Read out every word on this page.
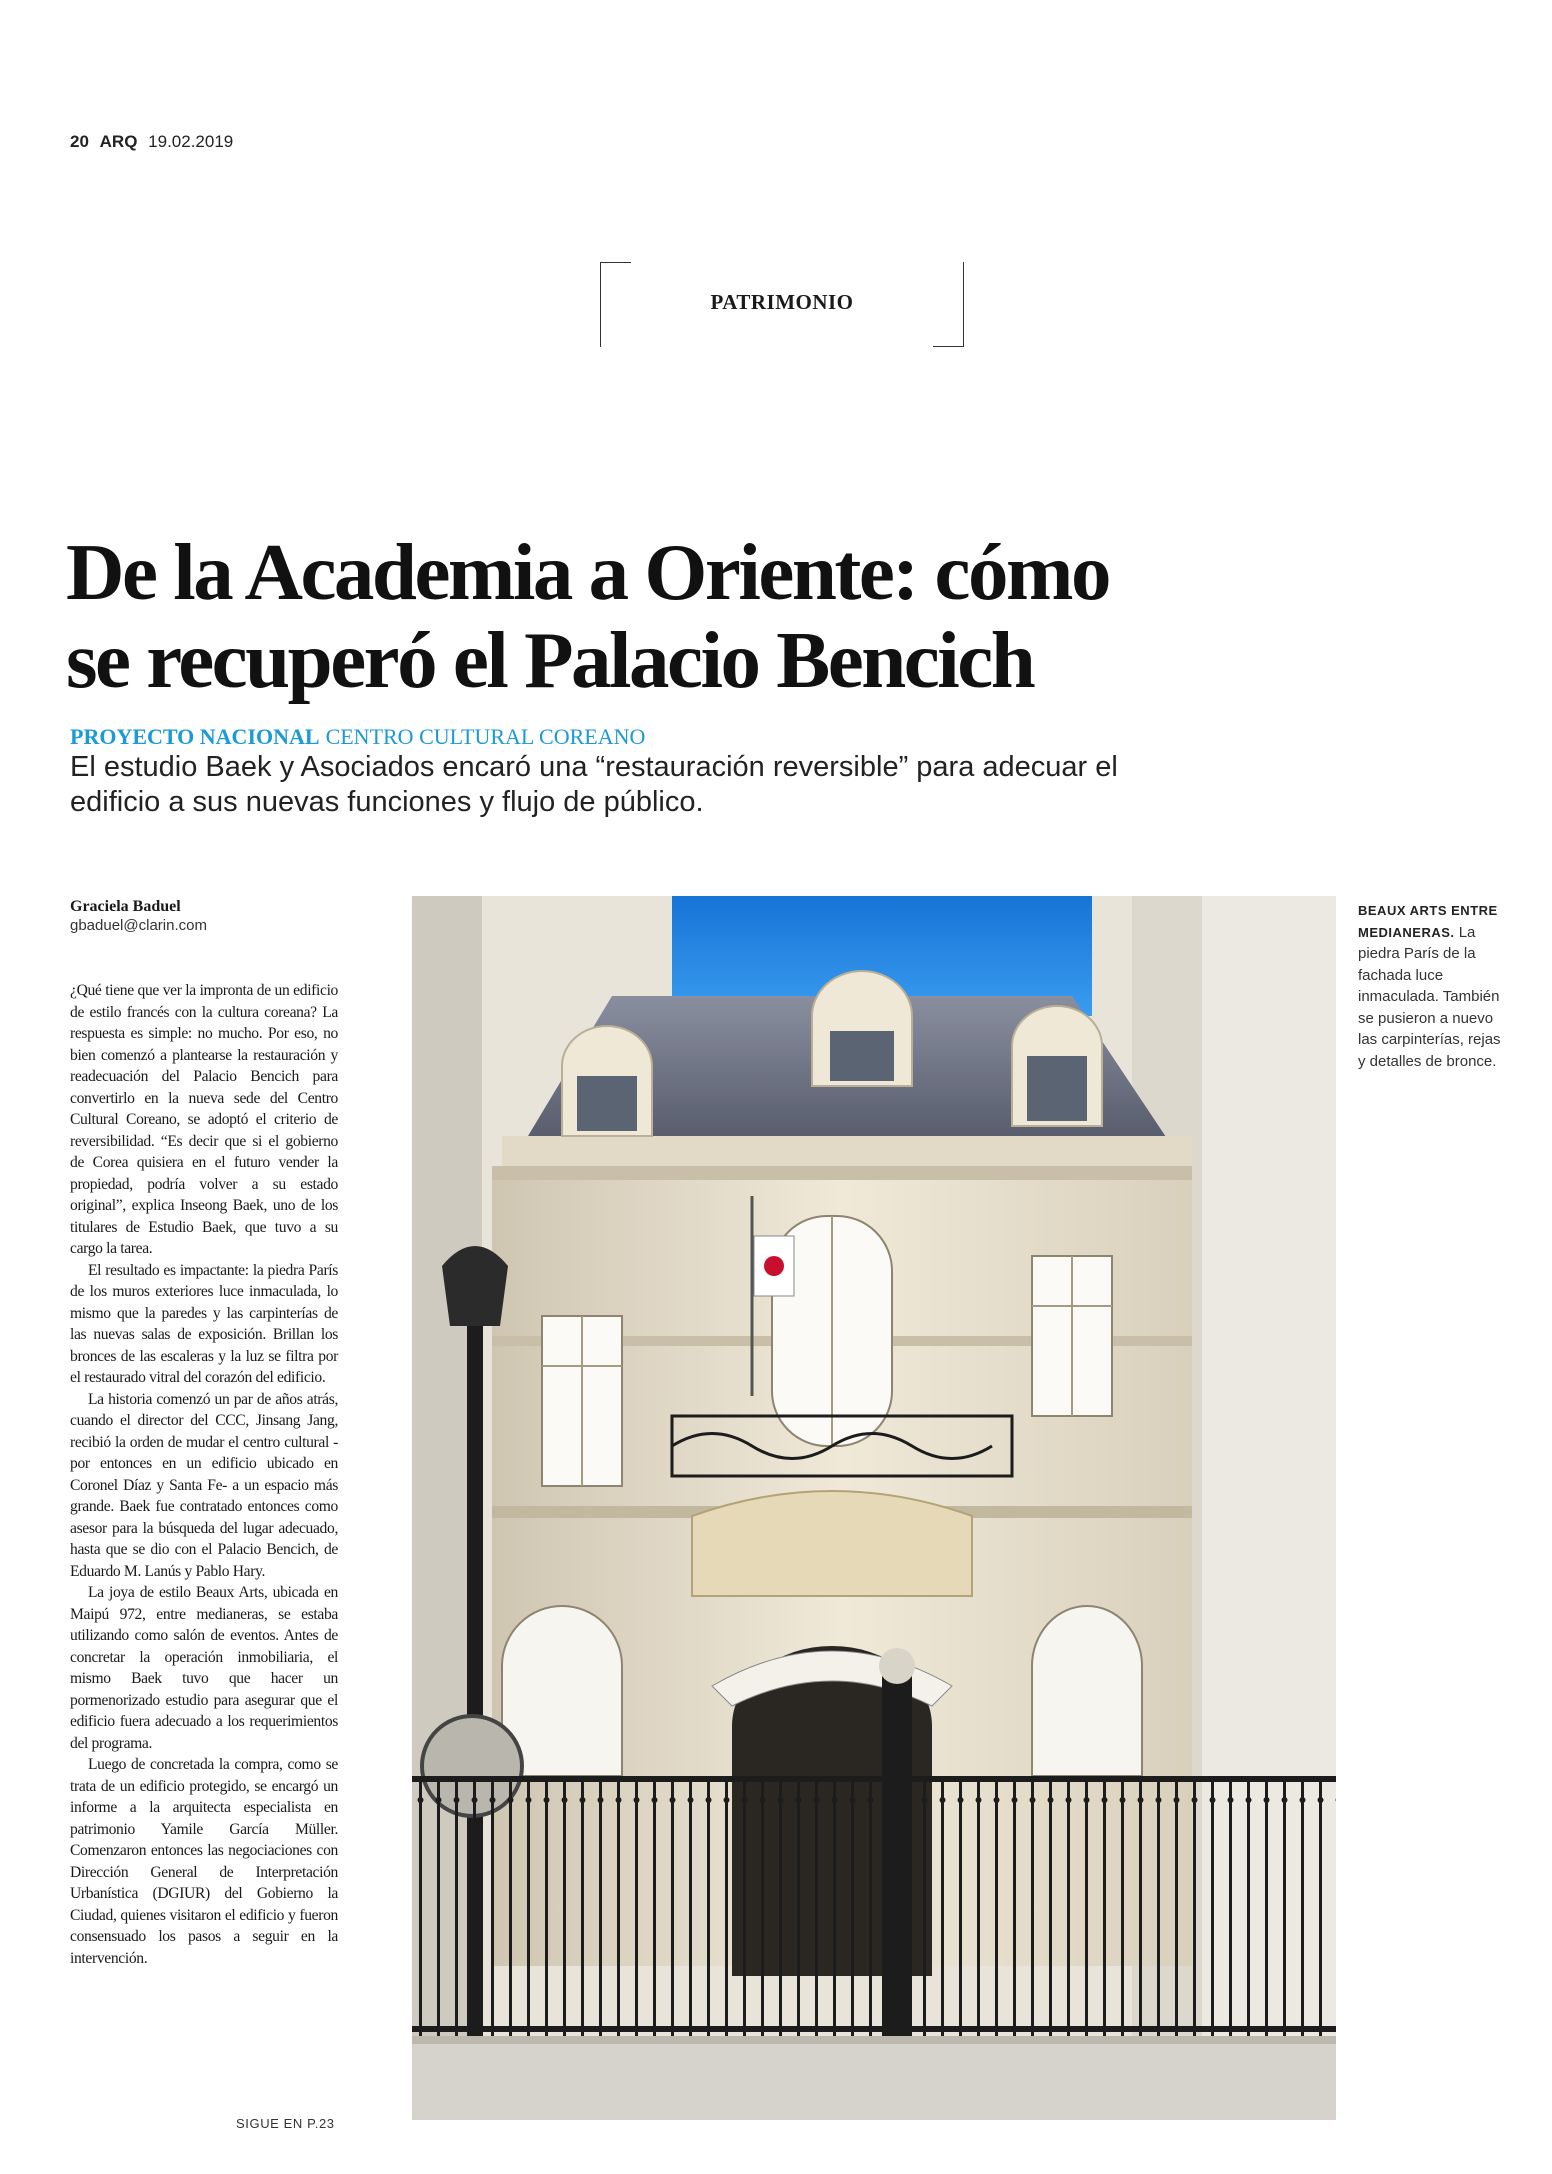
20 ARQ 19.02.2019
PATRIMONIO
De la Academia a Oriente: cómo
se recuperó el Palacio Bencich
PROYECTO NACIONAL CENTRO CULTURAL COREANO
El estudio Baek y Asociados encaró una “restauración reversible” para adecuar el edificio a sus nuevas funciones y flujo de público.
Graciela Baduel
gbaduel@clarin.com

¿Qué tiene que ver la impronta de un edificio de estilo francés con la cultura coreana? La respuesta es simple: no mucho. Por eso, no bien comenzó a plantearse la restauración y readecuación del Palacio Bencich para convertirlo en la nueva sede del Centro Cultural Coreano, se adoptó el criterio de reversibilidad. “Es decir que si el gobierno de Corea quisiera en el futuro vender la propiedad, podría volver a su estado original”, explica Inseong Baek, uno de los titulares de Estudio Baek, que tuvo a su cargo la tarea.

El resultado es impactante: la piedra París de los muros exteriores luce inmaculada, lo mismo que la paredes y las carpinterías de las nuevas salas de exposición. Brillan los bronces de las escaleras y la luz se filtra por el restaurado vitral del corazón del edificio.

La historia comenzó un par de años atrás, cuando el director del CCC, Jinsang Jang, recibió la orden de mudar el centro cultural -por entonces en un edificio ubicado en Coronel Díaz y Santa Fe- a un espacio más grande. Baek fue contratado entonces como asesor para la búsqueda del lugar adecuado, hasta que se dio con el Palacio Bencich, de Eduardo M. Lanús y Pablo Hary.

La joya de estilo Beaux Arts, ubicada en Maipú 972, entre medianeras, se estaba utilizando como salón de eventos. Antes de concretar la operación inmobiliaria, el mismo Baek tuvo que hacer un pormenorizado estudio para asegurar que el edificio fuera adecuado a los requerimientos del programa.

Luego de concretada la compra, como se trata de un edificio protegido, se encargó un informe a la arquitecta especialista en patrimonio Yamile García Müller. Comenzaron entonces las negociaciones con Dirección General de Interpretación Urbanística (DGIUR) del Gobierno la Ciudad, quienes visitaron el edificio y fueron consensuado los pasos a seguir en la intervención.

SIGUE EN P.23
BEAUX ARTS ENTRE MEDIANERAS. La piedra París de la fachada luce inmaculada. También se pusieron a nuevo las carpinterías, rejas y detalles de bronce.
